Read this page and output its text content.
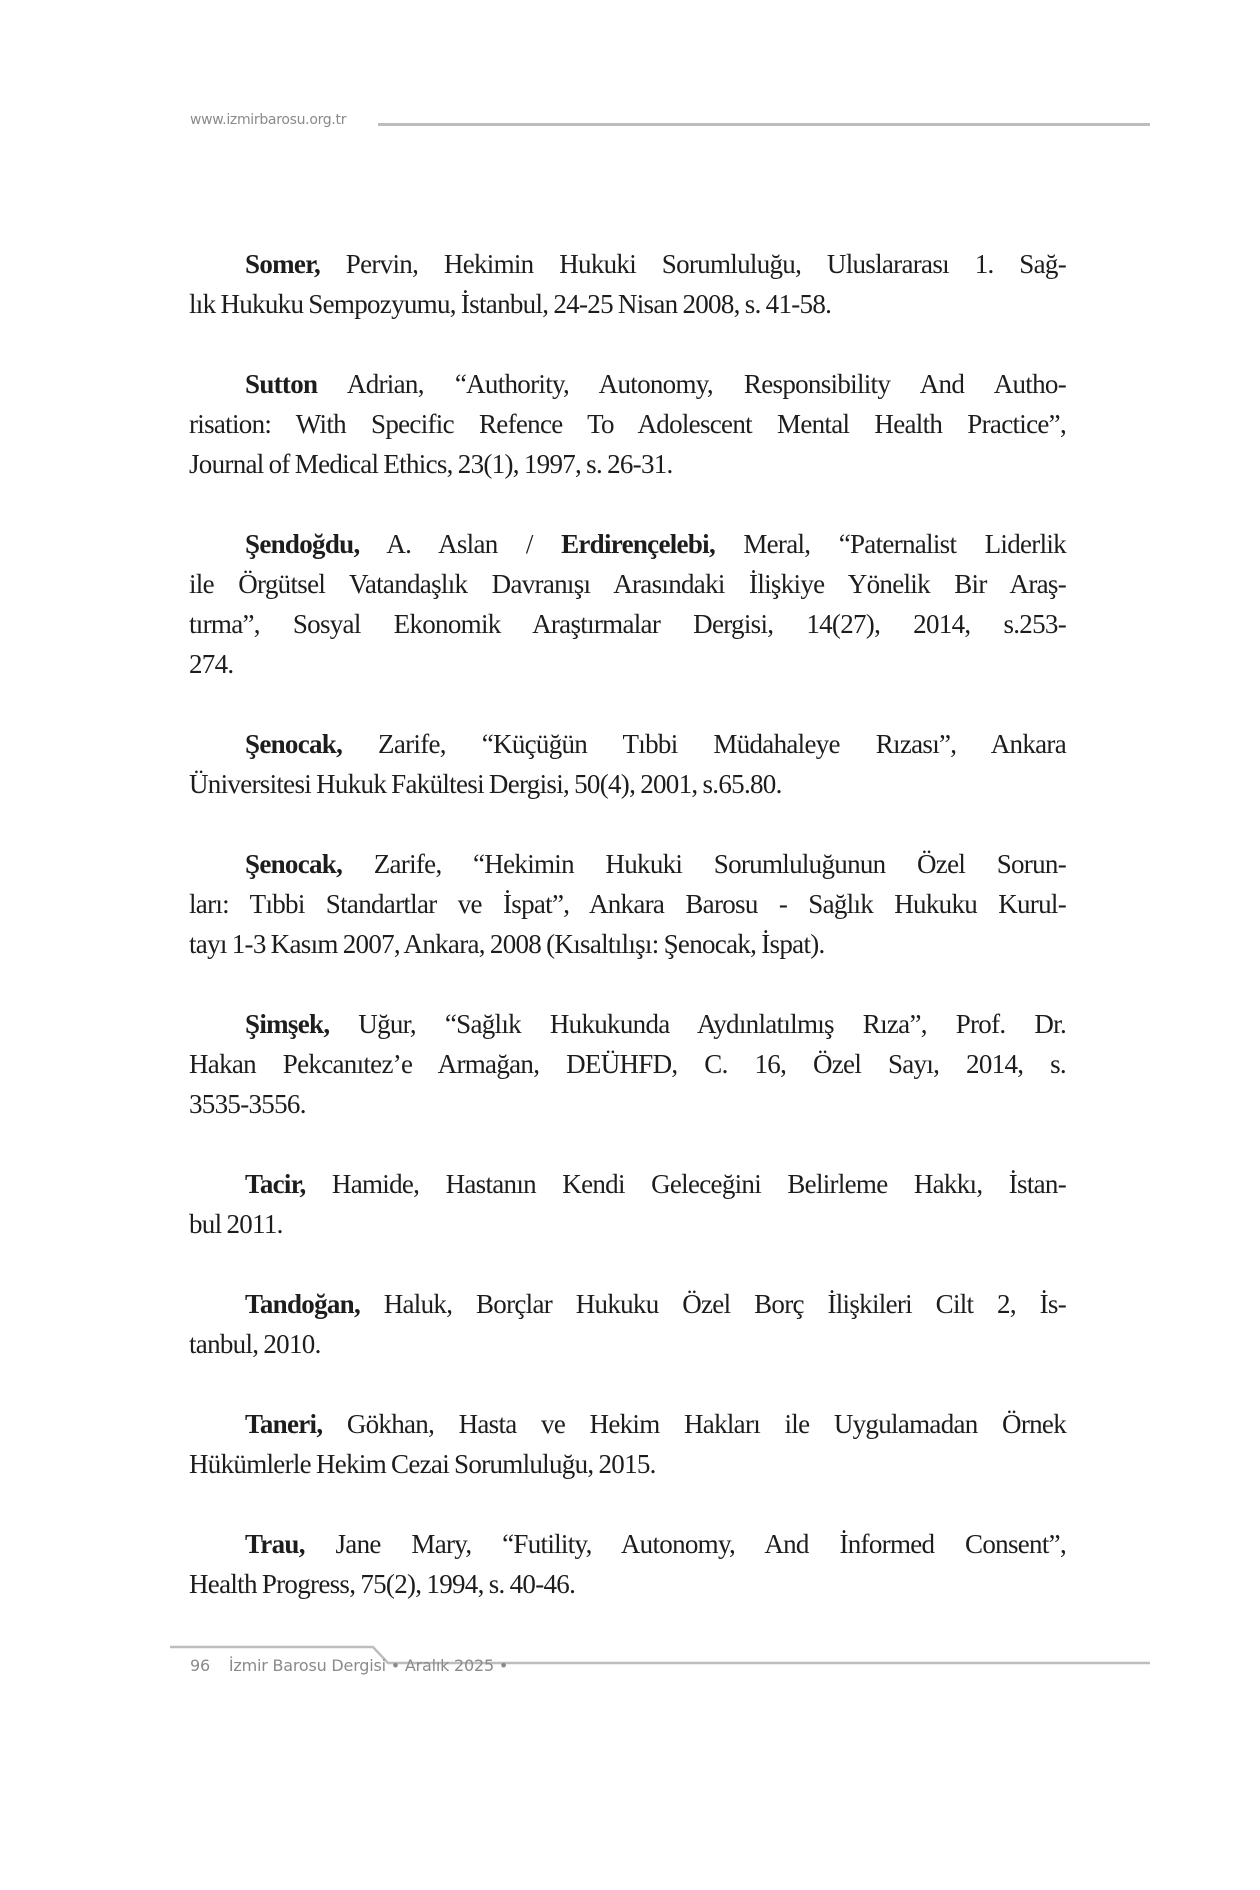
www.izmirbarosu.org.tr
Somer, Pervin, Hekimin Hukuki Sorumluluğu, Uluslararası 1. Sağ-
lık Hukuku Sempozyumu, İstanbul, 24-25 Nisan 2008, s. 41-58.
Sutton Adrian, “Authority, Autonomy, Responsibility And Autho-
risation: With Specific Refence To Adolescent Mental Health Practice”,
Journal of Medical Ethics, 23(1), 1997, s. 26-31.
Şendoğdu, A. Aslan / Erdirençelebi, Meral, “Paternalist Liderlik
ile Örgütsel Vatandaşlık Davranışı Arasındaki İlişkiye Yönelik Bir Araş-
tırma”, Sosyal Ekonomik Araştırmalar Dergisi, 14(27), 2014, s.253-
274.
Şenocak, Zarife, “Küçüğün Tıbbi Müdahaleye Rızası”, Ankara
Üniversitesi Hukuk Fakültesi Dergisi, 50(4), 2001, s.65.80.
Şenocak, Zarife, “Hekimin Hukuki Sorumluluğunun Özel Sorun-
ları: Tıbbi Standartlar ve İspat”, Ankara Barosu - Sağlık Hukuku Kurul-
tayı 1-3 Kasım 2007, Ankara, 2008 (Kısaltılışı: Şenocak, İspat).
Şimşek, Uğur, “Sağlık Hukukunda Aydınlatılmış Rıza”, Prof. Dr.
Hakan Pekcanıtez’e Armağan, DEÜHFD, C. 16, Özel Sayı, 2014, s.
3535-3556.
Tacir, Hamide, Hastanın Kendi Geleceğini Belirleme Hakkı, İstan-
bul 2011.
Tandoğan, Haluk, Borçlar Hukuku Özel Borç İlişkileri Cilt 2, İs-
tanbul, 2010.
Taneri, Gökhan, Hasta ve Hekim Hakları ile Uygulamadan Örnek
Hükümlerle Hekim Cezai Sorumluluğu, 2015.
Trau, Jane Mary, “Futility, Autonomy, And İnformed Consent”,
Health Progress, 75(2), 1994, s. 40-46.
96 İzmir Barosu Dergisi • Aralık 2025 •
